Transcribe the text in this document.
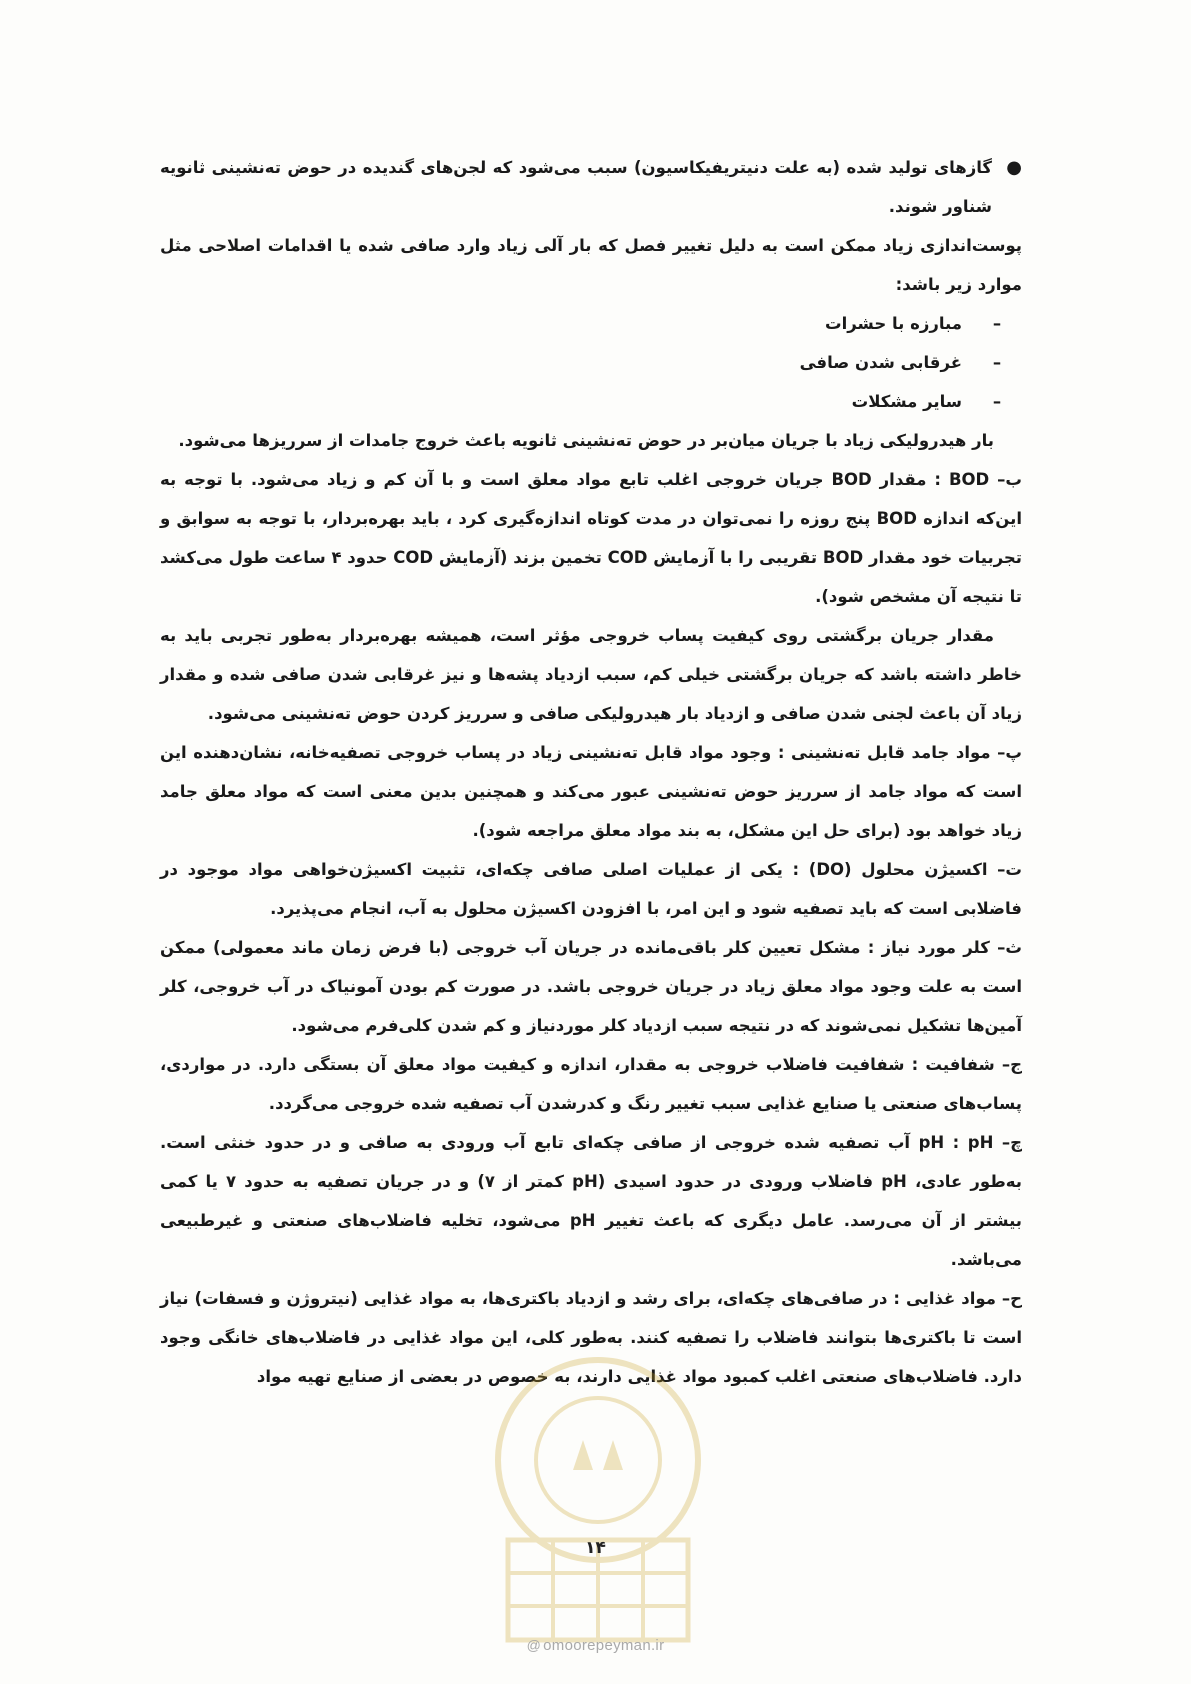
●
گازهای تولید شده (به علت دنیتریفیکاسیون) سبب می‌شود که لجن‌های گندیده در حوض ته‌نشینی ثانویه شناور شوند.

پوست‌اندازی زیاد ممکن است به دلیل تغییر فصل که بار آلی زیاد وارد صافی شده یا اقدامات اصلاحی مثل موارد زیر باشد:

–
مبارزه با حشرات
–
غرقابی شدن صافی
–
سایر مشکلات

بار هیدرولیکی زیاد با جریان میان‌بر در حوض ته‌نشینی ثانویه باعث خروج جامدات از سرریزها می‌شود.

ب– BOD : مقدار BOD جریان خروجی اغلب تابع مواد معلق است و با آن کم و زیاد می‌شود. با توجه به این‌که اندازه BOD پنج روزه را نمی‌توان در مدت کوتاه اندازه‌گیری کرد ، باید بهره‌بردار، با توجه به سوابق و تجربیات خود مقدار BOD تقریبی را با آزمایش COD تخمین بزند (آزمایش COD حدود ۴ ساعت طول می‌کشد تا نتیجه آن مشخص شود).

مقدار جریان برگشتی روی کیفیت پساب خروجی مؤثر است، همیشه بهره‌بردار به‌طور تجربی باید به خاطر داشته باشد که جریان برگشتی خیلی کم، سبب ازدیاد پشه‌ها و نیز غرقابی شدن صافی شده و مقدار زیاد آن باعث لجنی شدن صافی و ازدیاد بار هیدرولیکی صافی و سرریز کردن حوض ته‌نشینی می‌شود.

پ– مواد جامد قابل ته‌نشینی : وجود مواد قابل ته‌نشینی زیاد در پساب خروجی تصفیه‌خانه، نشان‌دهنده این است که مواد جامد از سرریز حوض ته‌نشینی عبور می‌کند و همچنین بدین معنی است که مواد معلق جامد زیاد خواهد بود (برای حل این مشکل، به بند مواد معلق مراجعه شود).

ت– اکسیژن محلول (DO) : یکی از عملیات اصلی صافی چکه‌ای، تثبیت اکسیژن‌خواهی مواد موجود در فاضلابی است که باید تصفیه شود و این امر، با افزودن اکسیژن محلول به آب، انجام می‌پذیرد.

ث– کلر مورد نیاز : مشکل تعیین کلر باقی‌مانده در جریان آب خروجی (با فرض زمان ماند معمولی) ممکن است به علت وجود مواد معلق زیاد در جریان خروجی باشد. در صورت کم بودن آمونیاک در آب خروجی، کلر آمین‌ها تشکیل نمی‌شوند که در نتیجه سبب ازدیاد کلر موردنیاز و کم شدن کلی‌فرم می‌شود.

ج– شفافیت : شفافیت فاضلاب خروجی به مقدار، اندازه و کیفیت مواد معلق آن بستگی دارد. در مواردی، پساب‌های صنعتی یا صنایع غذایی سبب تغییر رنگ و کدرشدن آب تصفیه شده خروجی می‌گردد.

چ– pH : pH آب تصفیه شده خروجی از صافی چکه‌ای تابع آب ورودی به صافی و در حدود خنثی است. به‌طور عادی، pH فاضلاب ورودی در حدود اسیدی (pH کمتر از ۷) و در جریان تصفیه به حدود ۷ یا کمی بیشتر از آن می‌رسد. عامل دیگری که باعث تغییر pH می‌شود، تخلیه فاضلاب‌های صنعتی و غیرطبیعی می‌باشد.

ح– مواد غذایی : در صافی‌های چکه‌ای، برای رشد و ازدیاد باکتری‌ها، به مواد غذایی (نیتروژن و فسفات) نیاز است تا باکتری‌ها بتوانند فاضلاب را تصفیه کنند. به‌طور کلی، این مواد غذایی در فاضلاب‌های خانگی وجود دارد. فاضلاب‌های صنعتی اغلب کمبود مواد غذایی دارند، به خصوص در بعضی از صنایع تهیه مواد

۱۴
@ omoorepeyman.ir
